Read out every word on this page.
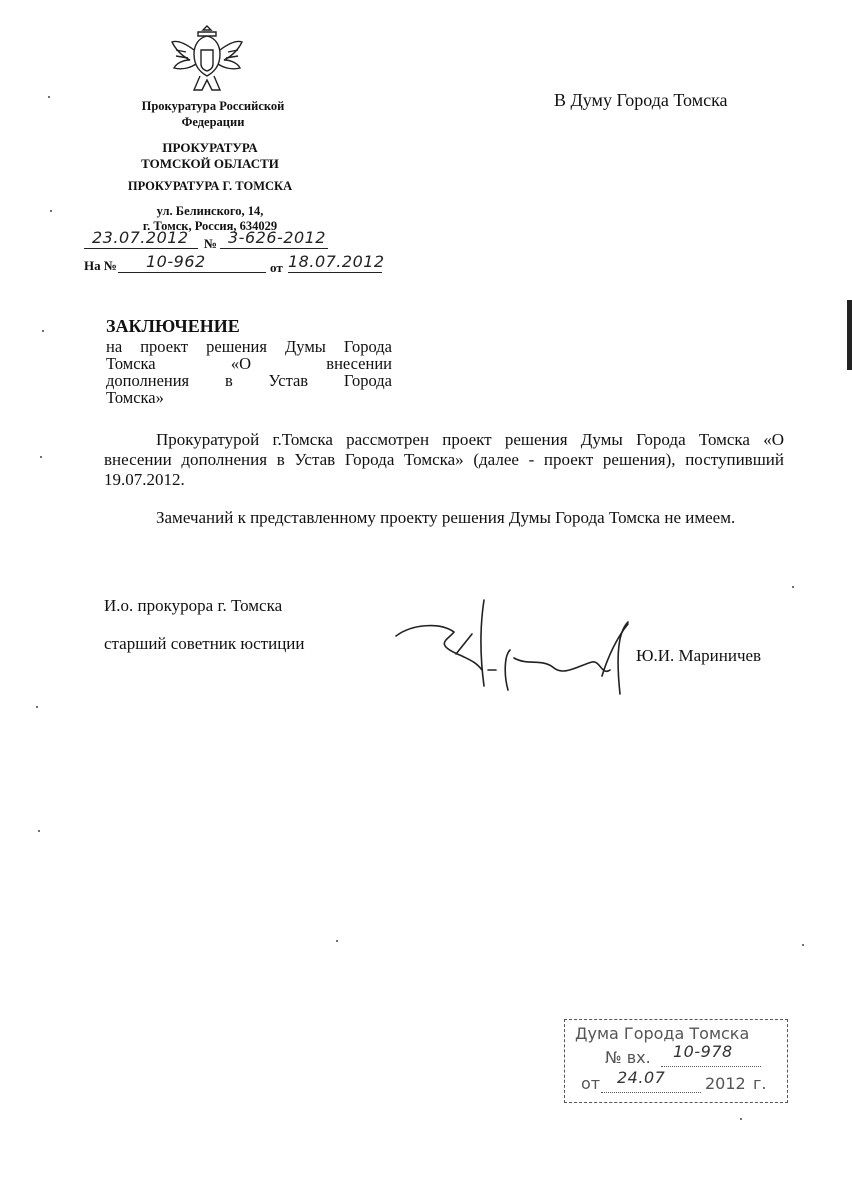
Прокуратура Российской
Федерации
ПРОКУРАТУРА
ТОМСКОЙ ОБЛАСТИ
ПРОКУРАТУРА Г. ТОМСКА
ул. Белинского, 14,
г. Томск, Россия, 634029
23.07.2012 № 3-626-2012
На № 10-962	от 18.07.2012
В Думу Города Томска
ЗАКЛЮЧЕНИЕ
на проект решения Думы Города
Томска «О внесении
дополнения в Устав Города
Томска»
Прокуратурой г.Томска рассмотрен проект решения Думы Города Томска «О внесении дополнения в Устав Города Томска» (далее - проект решения), поступивший 19.07.2012.
Замечаний к представленному проекту решения Думы Города Томска не имеем.
И.о. прокурора г. Томска
старший советник юстиции
Ю.И. Мариничев
Дума Города Томска
№ вх. 10-978
от 24.07 2012 г.
